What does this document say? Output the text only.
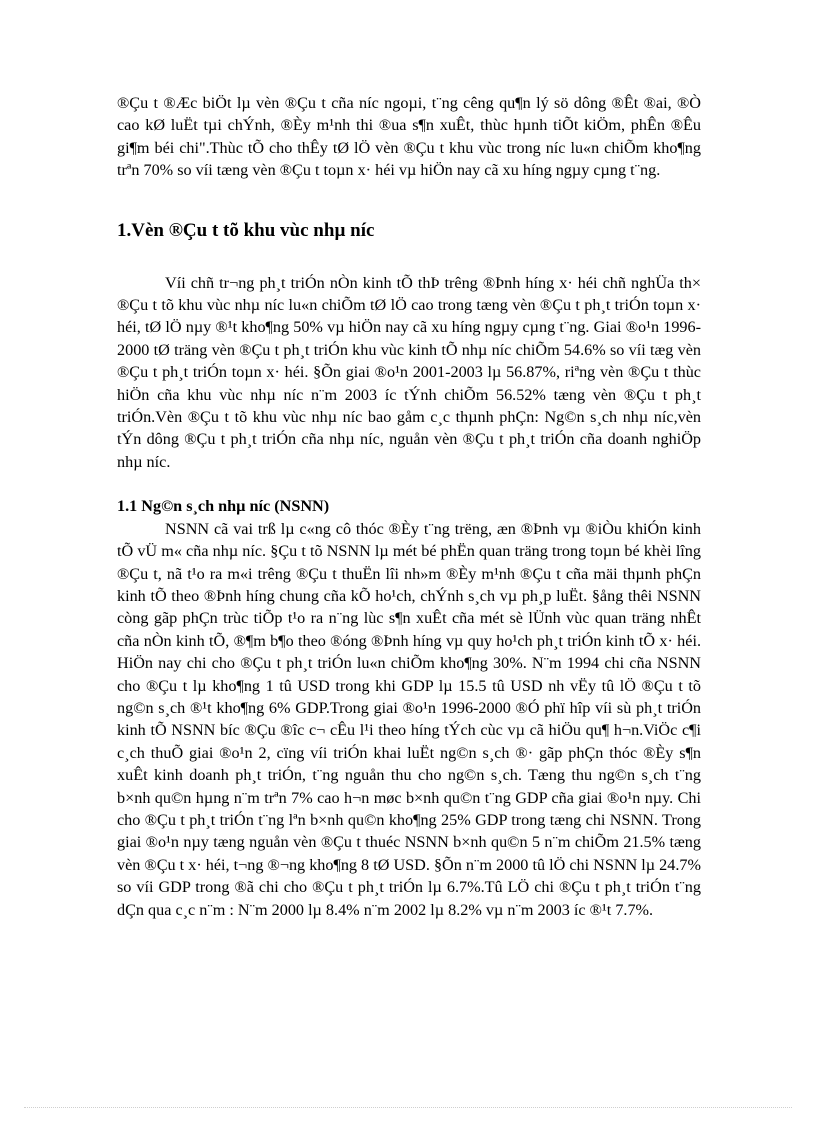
®Çu t ®Æc biÖt lµ vèn ®Çu t cña níc ngoµi, t¨ng cêng qu¶n lý sö dông ®Êt ®ai, ®Ò cao kØ luËt tµi chÝnh, ®Èy m¹nh thi ®ua s¶n xuÊt, thùc hµnh tiÕt kiÖm, phÊn ®Êu gi¶m béi chi".Thùc tÕ cho thÊy tØ lÖ vèn ®Çu t khu vùc trong níc lu«n chiÕm kho¶ng trªn 70% so víi tæng vèn ®Çu t toµn x· héi vµ hiÖn nay cã xu híng ngµy cµng t¨ng.

1.Vèn ®Çu t tõ khu vùc nhµ níc

Víi chñ tr¬ng ph¸t triÓn nÒn kinh tÕ thÞ trêng ®Þnh híng x· héi chñ nghÜa th× ®Çu t tõ khu vùc nhµ níc lu«n chiÕm tØ lÖ cao trong tæng vèn ®Çu t ph¸t triÓn toµn x· héi, tØ lÖ nµy ®¹t kho¶ng 50% vµ hiÖn nay cã xu híng ngµy cµng t¨ng. Giai ®o¹n 1996-2000 tØ träng vèn ®Çu t ph¸t triÓn khu vùc kinh tÕ nhµ níc chiÕm 54.6% so víi tæg vèn ®Çu t ph¸t triÓn toµn x· héi. §Õn giai ®o¹n 2001-2003 lµ 56.87%, riªng vèn ®Çu t thùc hiÖn cña khu vùc nhµ níc n¨m 2003 íc tÝnh chiÕm 56.52% tæng vèn ®Çu t ph¸t triÓn.Vèn ®Çu t tõ khu vùc nhµ níc bao gåm c¸c thµnh phÇn: Ng©n s¸ch nhµ níc,vèn tÝn dông ®Çu t ph¸t triÓn cña nhµ níc, nguån vèn ®Çu t ph¸t triÓn cña doanh nghiÖp nhµ níc.

1.1 Ng©n s¸ch nhµ níc (NSNN)

NSNN cã vai trß lµ c«ng cô thóc ®Èy t¨ng trëng, æn ®Þnh vµ ®iÒu khiÓn kinh tÕ vÜ m« cña nhµ níc. §Çu t tõ NSNN lµ mét bé phËn quan träng trong toµn bé khèi lîng ®Çu t, nã t¹o ra m«i trêng ®Çu t thuËn lîi nh»m ®Èy m¹nh ®Çu t cña mäi thµnh phÇn kinh tÕ theo ®Þnh híng chung cña kÕ ho¹ch, chÝnh s¸ch vµ ph¸p luËt. §ång thêi NSNN còng gãp phÇn trùc tiÕp t¹o ra n¨ng lùc s¶n xuÊt cña mét sè lÜnh vùc quan träng nhÊt cña nÒn kinh tÕ, ®¶m b¶o theo ®óng ®Þnh híng vµ quy ho¹ch ph¸t triÓn kinh tÕ x· héi. HiÖn nay chi cho ®Çu t ph¸t triÓn lu«n chiÕm kho¶ng 30%. N¨m 1994 chi cña NSNN cho ®Çu t lµ kho¶ng 1 tû USD trong khi GDP lµ 15.5 tû USD nh vËy tû lÖ ®Çu t tõ ng©n s¸ch ®¹t kho¶ng 6% GDP.Trong giai ®o¹n 1996-2000 ®Ó phï hîp víi sù ph¸t triÓn kinh tÕ NSNN bíc ®Çu ®îc c¬ cÊu l¹i theo híng tÝch cùc vµ cã hiÖu qu¶ h¬n.ViÖc c¶i c¸ch thuÕ giai ®o¹n 2, cïng víi triÓn khai luËt ng©n s¸ch ®· gãp phÇn thóc ®Èy s¶n xuÊt kinh doanh ph¸t triÓn, t¨ng nguån thu cho ng©n s¸ch. Tæng thu ng©n s¸ch t¨ng b×nh qu©n hµng n¨m trªn 7% cao h¬n møc b×nh qu©n t¨ng GDP cña giai ®o¹n nµy. Chi cho ®Çu t ph¸t triÓn t¨ng lªn b×nh qu©n kho¶ng 25% GDP trong tæng chi NSNN. Trong giai ®o¹n nµy tæng nguån vèn ®Çu t thuéc NSNN b×nh qu©n 5 n¨m chiÕm 21.5% tæng vèn ®Çu t x· héi, t¬ng ®¬ng kho¶ng 8 tØ USD. §Õn n¨m 2000 tû lÖ chi NSNN lµ 24.7% so víi GDP trong ®ã chi cho ®Çu t ph¸t triÓn lµ 6.7%.Tû LÖ chi ®Çu t ph¸t triÓn t¨ng dÇn qua c¸c n¨m : N¨m 2000 lµ 8.4% n¨m 2002 lµ 8.2% vµ n¨m 2003 íc ®¹t 7.7%.
